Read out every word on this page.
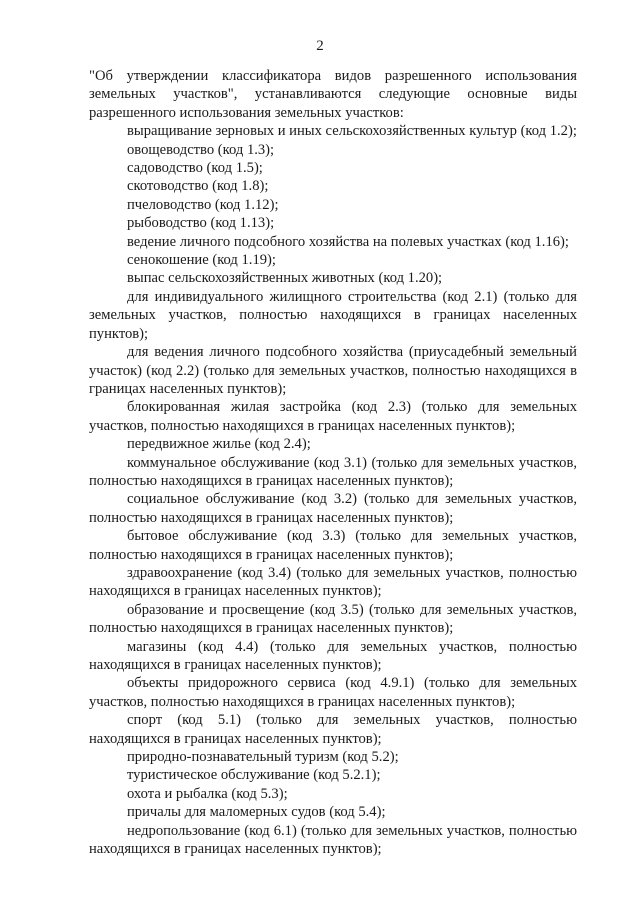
2

"Об утверждении классификатора видов разрешенного использования земельных участков", устанавливаются следующие основные виды разрешенного использования земельных участков:

выращивание зерновых и иных сельскохозяйственных культур (код 1.2);

овощеводство (код 1.3);

садоводство (код 1.5);

скотоводство (код 1.8);

пчеловодство (код 1.12);

рыбоводство (код 1.13);

ведение личного подсобного хозяйства на полевых участках (код 1.16);

сенокошение (код 1.19);

выпас сельскохозяйственных животных (код 1.20);

для индивидуального жилищного строительства (код 2.1) (только для земельных участков, полностью находящихся в границах населенных пунктов);

для ведения личного подсобного хозяйства (приусадебный земельный участок) (код 2.2) (только для земельных участков, полностью находящихся в границах населенных пунктов);

блокированная жилая застройка (код 2.3) (только для земельных участков, полностью находящихся в границах населенных пунктов);

передвижное жилье (код 2.4);

коммунальное обслуживание (код 3.1) (только для земельных участков, полностью находящихся в границах населенных пунктов);

социальное обслуживание (код 3.2) (только для земельных участков, полностью находящихся в границах населенных пунктов);

бытовое обслуживание (код 3.3) (только для земельных участков, полностью находящихся в границах населенных пунктов);

здравоохранение (код 3.4) (только для земельных участков, полностью находящихся в границах населенных пунктов);

образование и просвещение (код 3.5) (только для земельных участков, полностью находящихся в границах населенных пунктов);

магазины (код 4.4) (только для земельных участков, полностью находящихся в границах населенных пунктов);

объекты придорожного сервиса (код 4.9.1) (только для земельных участков, полностью находящихся в границах населенных пунктов);

спорт (код 5.1) (только для земельных участков, полностью находящихся в границах населенных пунктов);

природно-познавательный туризм (код 5.2);

туристическое обслуживание (код 5.2.1);

охота и рыбалка (код 5.3);

причалы для маломерных судов (код 5.4);

недропользование (код 6.1) (только для земельных участков, полностью находящихся в границах населенных пунктов);
